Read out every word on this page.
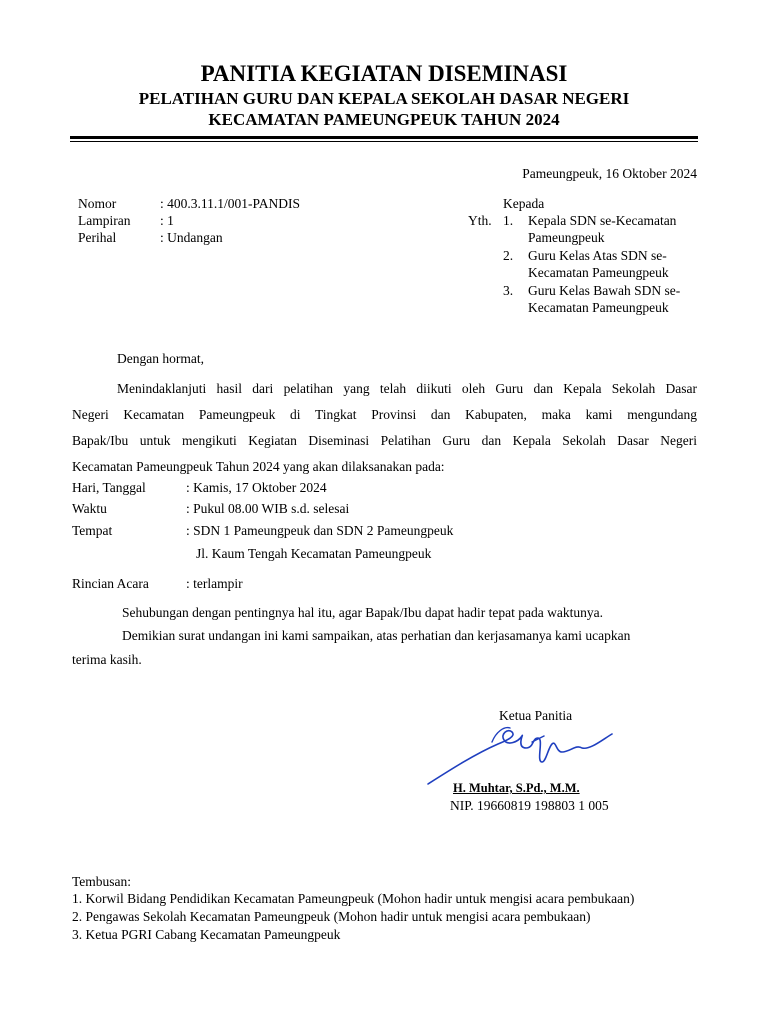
PANITIA KEGIATAN DISEMINASI
PELATIHAN GURU DAN KEPALA SEKOLAH DASAR NEGERI
KECAMATAN PAMEUNGPEUK TAHUN 2024
Pameungpeuk, 16 Oktober 2024
Nomor	: 400.3.11.1/001-PANDIS
Lampiran : 1
Perihal	: Undangan
Kepada
Yth. 1. Kepala SDN se-Kecamatan
Pameungpeuk
2. Guru Kelas Atas SDN se-
Kecamatan Pameungpeuk
3. Guru Kelas Bawah SDN se-
Kecamatan Pameungpeuk
Dengan hormat,
Menindaklanjuti hasil dari pelatihan yang telah diikuti oleh Guru dan Kepala Sekolah Dasar
Negeri Kecamatan Pameungpeuk di Tingkat Provinsi dan Kabupaten, maka kami mengundang
Bapak/Ibu untuk mengikuti Kegiatan Diseminasi Pelatihan Guru dan Kepala Sekolah Dasar Negeri
Kecamatan Pameungpeuk Tahun 2024 yang akan dilaksanakan pada:
Hari, Tanggal	: Kamis, 17 Oktober 2024
Waktu	: Pukul 08.00 WIB s.d. selesai
Tempat	: SDN 1 Pameungpeuk dan SDN 2 Pameungpeuk
Jl. Kaum Tengah Kecamatan Pameungpeuk
Rincian Acara	: terlampir
Sehubungan dengan pentingnya hal itu, agar Bapak/Ibu dapat hadir tepat pada waktunya.
Demikian surat undangan ini kami sampaikan, atas perhatian dan kerjasamanya kami ucapkan
terima kasih.
Ketua Panitia
H. Muhtar, S.Pd., M.M.
NIP. 19660819 198803 1 005
Tembusan:
1. Korwil Bidang Pendidikan Kecamatan Pameungpeuk (Mohon hadir untuk mengisi acara pembukaan)
2. Pengawas Sekolah Kecamatan Pameungpeuk (Mohon hadir untuk mengisi acara pembukaan)
3. Ketua PGRI Cabang Kecamatan Pameungpeuk
